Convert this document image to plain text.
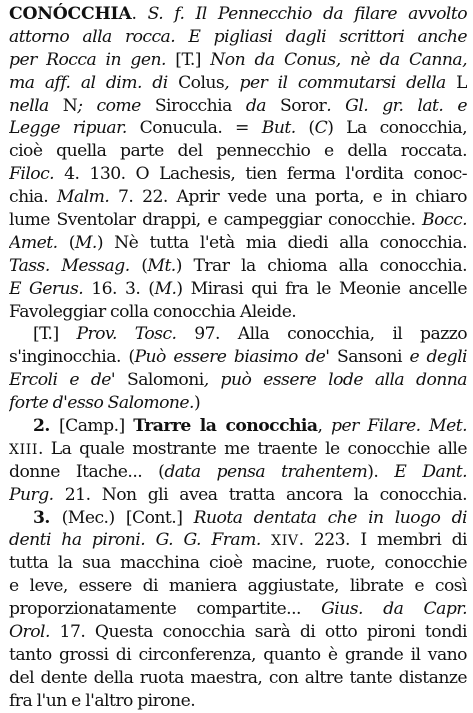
CONÓCCHIA. S. f. Il Pennecchio da filare avvolto
attorno alla rocca. E pigliasi dagli scrittori anche
per Rocca in gen. [T.] Non da Conus, nè da Canna,
ma aff. al dim. di Colus, per il commutarsi della L
nella N; come Sirocchia da Soror. Gl. gr. lat. e
Legge ripuar. Conucula. = But. (C) La conocchia,
cioè quella parte del pennecchio e della roccata.
Filoc. 4. 130. O Lachesis, tien ferma l'ordita conoc-
chia. Malm. 7. 22. Aprir vede una porta, e in chiaro
lume Sventolar drappi, e campeggiar conocchie. Bocc.
Amet. (M.) Nè tutta l'età mia diedi alla conocchia.
Tass. Messag. (Mt.) Trar la chioma alla conocchia.
E Gerus. 16. 3. (M.) Mirasi qui fra le Meonie ancelle
Favoleggiar colla conocchia Aleide.
[T.] Prov. Tosc. 97. Alla conocchia, il pazzo
s'inginocchia. (Può essere biasimo de' Sansoni e degli
Ercoli e de' Salomoni, può essere lode alla donna
forte d'esso Salomone.)
2. [Camp.] Trarre la conocchia, per Filare. Met.
XIII. La quale mostrante me traente le conocchie alle
donne Itache... (data pensa trahentem). E Dant.
Purg. 21. Non gli avea tratta ancora la conocchia.
3. (Mec.) [Cont.] Ruota dentata che in luogo di
denti ha pironi. G. G. Fram. XIV. 223. I membri di
tutta la sua macchina cioè macine, ruote, conocchie
e leve, essere di maniera aggiustate, librate e così
proporzionatamente compartite... Gius. da Capr.
Orol. 17. Questa conocchia sarà di otto pironi tondi
tanto grossi di circonferenza, quanto è grande il vano
del dente della ruota maestra, con altre tante distanze
fra l'un e l'altro pirone.
